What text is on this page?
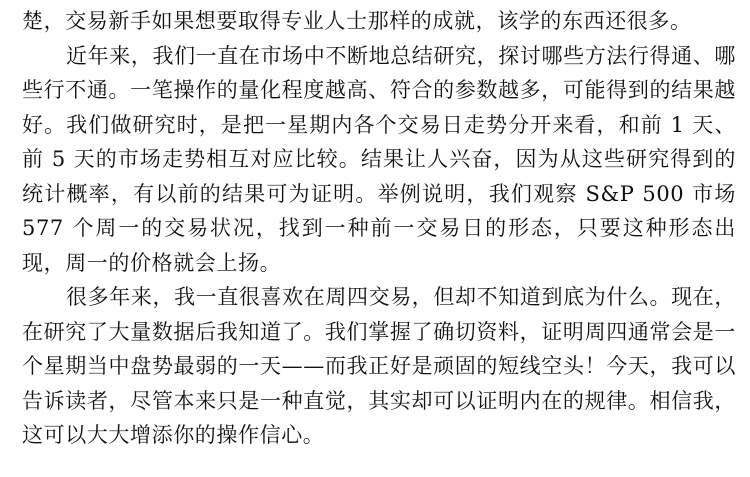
楚，交易新手如果想要取得专业人士那样的成就，该学的东西还很多。

近年来，我们一直在市场中不断地总结研究，探讨哪些方法行得通、哪些行不通。一笔操作的量化程度越高、符合的参数越多，可能得到的结果越好。我们做研究时，是把一星期内各个交易日走势分开来看，和前 1 天、前 5 天的市场走势相互对应比较。结果让人兴奋，因为从这些研究得到的统计概率，有以前的结果可为证明。举例说明，我们观察 S&P 500 市场 577 个周一的交易状况，找到一种前一交易日的形态，只要这种形态出现，周一的价格就会上扬。

很多年来，我一直很喜欢在周四交易，但却不知道到底为什么。现在，在研究了大量数据后我知道了。我们掌握了确切资料，证明周四通常会是一个星期当中盘势最弱的一天——而我正好是顽固的短线空头！今天，我可以告诉读者，尽管本来只是一种直觉，其实却可以证明内在的规律。相信我，这可以大大增添你的操作信心。
